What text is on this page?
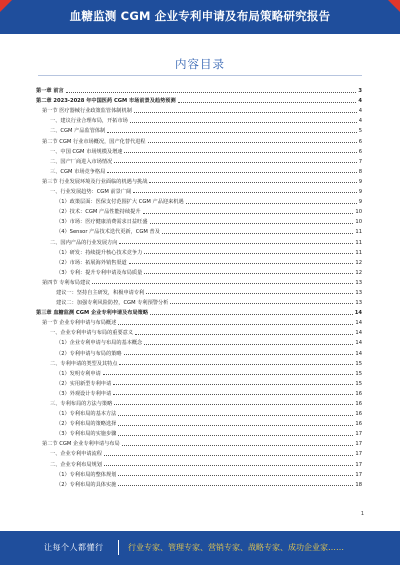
血糖监测 CGM 企业专利申请及布局策略研究报告
内容目录
第一章 前言	3
第二章 2023-2028 年中国医药 CGM 市场前景及趋势预测	4
第一节 医疗器械行业政策监管体制机制	4
一、建议行业合理布局，开拓市场	4
二、CGM 产品监管体制	5
第二节 CGM 行业市场概况，国产化替代进程	6
一、中国 CGM 市场规模及增速	6
二、国产厂商进入市场情况	7
三、CGM 市场竞争格局	8
第三节 行业发展环境及行业面临的机遇与挑战	9
一、行业发展趋势：CGM 前景广阔	9
（1）政策层面：医保支付范围扩大 CGM 产品迎来机遇	9
（2）技术：CGM 产品性能持续提升	10
（3）市场：医疗健康消费需求日益旺盛	10
（4）Sensor 产品技术迭代更新，CGM 普及	11
二、国内产品的行业发展方向	11
（1）研发：持续提升核心技术竞争力	11
（2）市场：拓展海外销售渠道	12
（3）专利：提升专利申请及布局质量	12
第四节 专利布局建议	13
建议一：坚持自主研发，积极申请专利	13
建议二：加强专利风险防控，CGM 专利预警分析	13
第三章 血糖监测 CGM 企业专利申请及布局策略	14
第一节 企业专利申请与布局概述	14
一、企业专利申请与布局的重要意义	14
（1）企业专利申请与布局的基本概念	14
（2）专利申请与布局的策略	14
二、专利申请的类型及其特点	15
（1）发明专利申请	15
（2）实用新型专利申请	15
（3）外观设计专利申请	16
三、专利布局的方法与策略	16
（1）专利布局的基本方法	16
（2）专利布局的策略选择	16
（3）专利布局的实施步骤	17
第二节 CGM 企业专利申请与布局	17
一、企业专利申请流程	17
二、企业专利布局规划	17
（1）专利布局的整体规划	17
（2）专利布局的具体实施	18
1
让每个人都懂行	行业专家、管理专家、营销专家、战略专家、成功企业家……
